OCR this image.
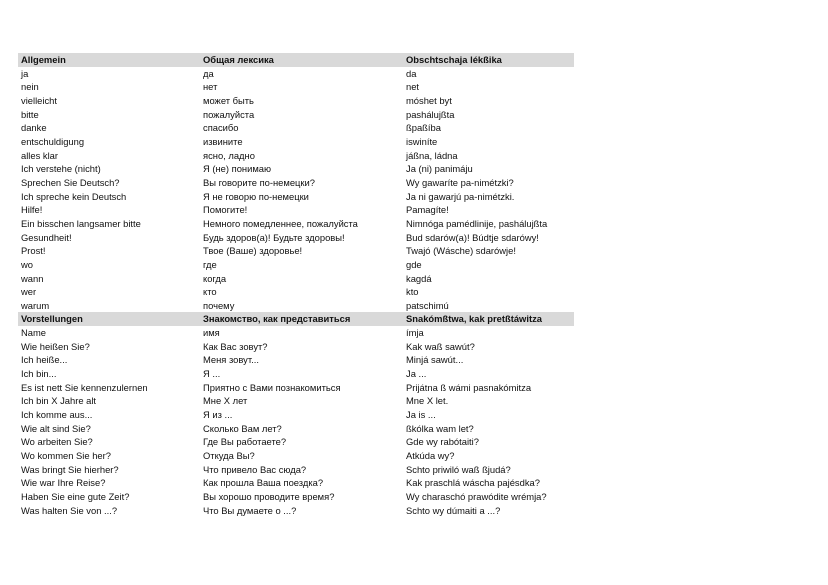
Allgemein	Общая лексика	Obschtschaja lékßika
ja	да	da
nein	нет	net
vielleicht	может быть	móshet byt
bitte	пожалуйста	pashálujßta
danke	спасибо	ßpaßíba
entschuldigung	извините	iswiníte
alles klar	ясно, ладно	jáßna, ládna
Ich verstehe (nicht)	Я (не) понимаю	Ja (ni) panimáju
Sprechen Sie Deutsch?	Вы говорите по-немецки?	Wy gawaríte pa-nimétzki?
Ich spreche kein Deutsch	Я не говорю по-немецки	Ja ni gawarjú pa-nimétzki.
Hilfe!	Помогите!	Pamagíte!
Ein bisschen langsamer bitte	Немного помедленнее, пожалуйста	Nimnóga pamédlinije, pashálujßta
Gesundheit!	Будь здоров(а)! Будьте здоровы!	Bud sdarów(a)! Búdtje sdarówy!
Prost!	Твое (Ваше) здоровье!	Twajó (Wásche) sdarówje!
wo	где	gde
wann	когда	kagdá
wer	кто	kto
warum	почему	patschimú
Vorstellungen	Знакомство, как представиться	Snakómßtwa, kak pretßtáwitza
Name	имя	ímja
Wie heißen Sie?	Как Вас зовут?	Kak waß sawút?
Ich heiße...	Меня зовут...	Minjá sawút...
Ich bin...	Я ...	Ja ...
Es ist nett Sie kennenzulernen	Приятно с Вами познакомиться	Prijátna ß wámi pasnakómitza
Ich bin X Jahre alt	Мне Х лет	Mne X let.
Ich komme aus...	Я из ...	Ja is ...
Wie alt sind Sie?	Сколько Вам лет?	ßkólka wam let?
Wo arbeiten Sie?	Где Вы работаете?	Gde wy rabótaiti?
Wo kommen Sie her?	Откуда Вы?	Atkúda wy?
Was bringt Sie hierher?	Что привело Вас сюда?	Schto priwiló waß ßjudá?
Wie war Ihre Reise?	Как прошла Ваша поездка?	Kak praschlá wáscha pajésdka?
Haben Sie eine gute Zeit?	Вы хорошо проводите время?	Wy charaschó prawódite wrémja?
Was halten Sie von ...?	Что Вы думаете о ...?	Schto wy dúmaiti a ...?
